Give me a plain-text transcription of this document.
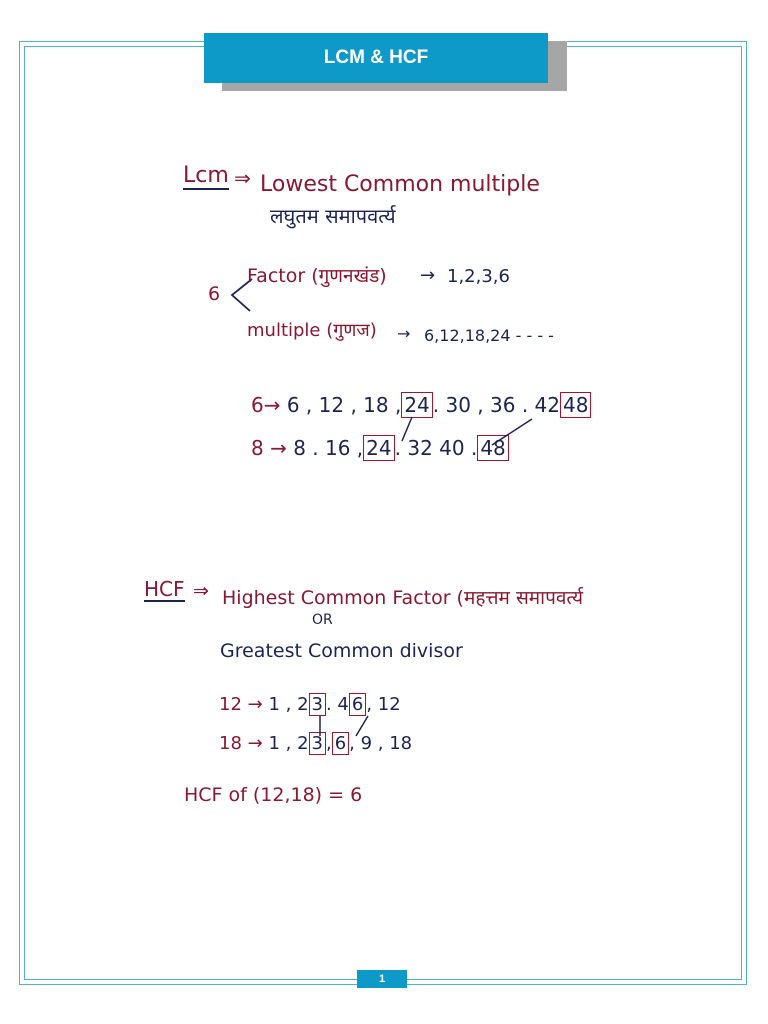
LCM & HCF
Lcm ⇒ Lowest Common multiple
लघुतम समापवर्त्य
6
Factor (गुणनखंड) → 1,2,3,6
multiple (गुणज) → 6,12,18,24 - - - -
6→ 6 , 12 , 18 , 24 . 30 , 36 . 42 48
8 → 8 . 16 , 24 . 32 40 . 48
HCF ⇒ Highest Common Factor (महत्तम समापवर्त्य
OR
Greatest Common divisor
12 → 1 , 2 3 . 4 6 , 12
18 → 1 , 2 3 , 6 , 9 , 18
HCF of (12,18) = 6
1
